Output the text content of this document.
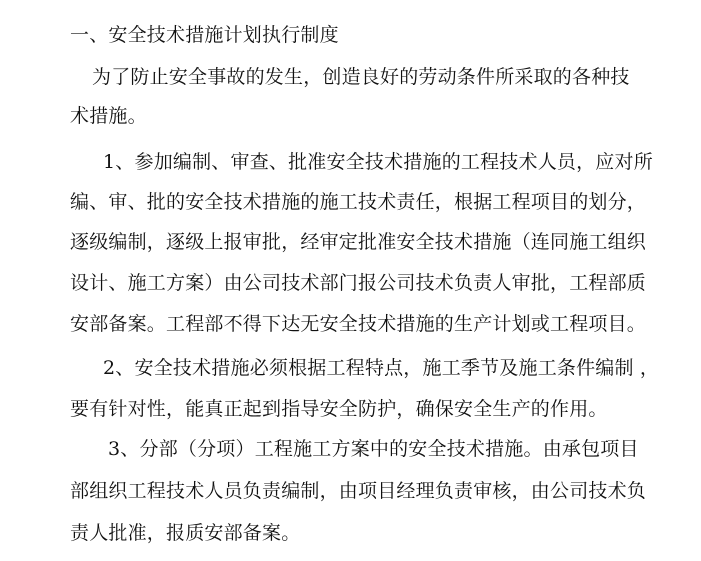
一、安全技术措施计划执行制度
为了防止安全事故的发生，创造良好的劳动条件所采取的各种技
术措施。
1、参加编制、审查、批准安全技术措施的工程技术人员，应对所
编、审、批的安全技术措施的施工技术责任，根据工程项目的划分，
逐级编制，逐级上报审批，经审定批准安全技术措施（连同施工组织
设计、施工方案）由公司技术部门报公司技术负责人审批，工程部质
安部备案。工程部不得下达无安全技术措施的生产计划或工程项目。
2、安全技术措施必须根据工程特点，施工季节及施工条件编制 ，
要有针对性，能真正起到指导安全防护，确保安全生产的作用。
3、分部（分项）工程施工方案中的安全技术措施。由承包项目
部组织工程技术人员负责编制，由项目经理负责审核，由公司技术负
责人批准，报质安部备案。
